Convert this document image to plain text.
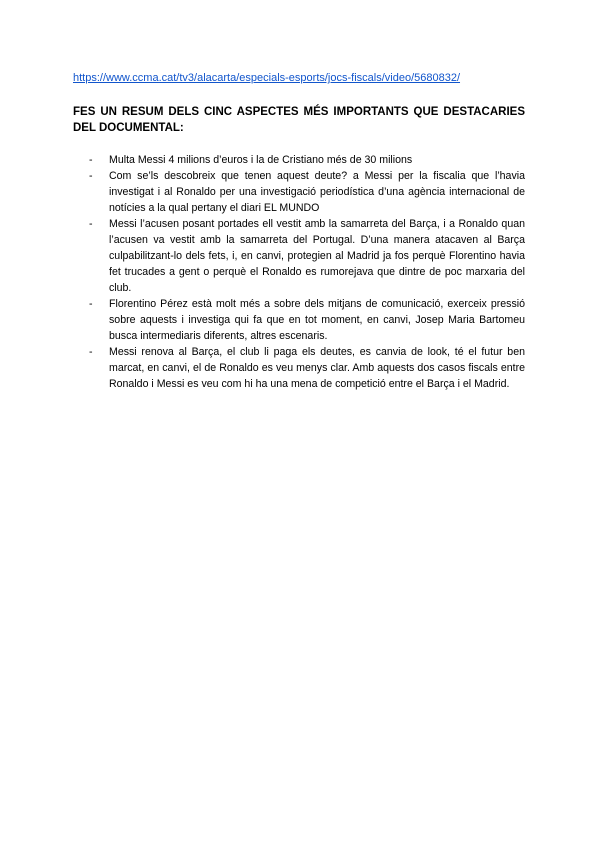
https://www.ccma.cat/tv3/alacarta/especials-esports/jocs-fiscals/video/5680832/

FES UN RESUM DELS CINC ASPECTES MÉS IMPORTANTS QUE DESTACARIES DEL DOCUMENTAL:

- Multa Messi 4 milions d’euros i la de Cristiano més de 30 milions
- Com se’ls descobreix que tenen aquest deute? a Messi per la fiscalia que l’havia investigat i al Ronaldo per una investigació periodística d’una agència internacional de notícies a la qual pertany el diari EL MUNDO
- Messi l’acusen posant portades ell vestit amb la samarreta del Barça, i a Ronaldo quan l’acusen va vestit amb la samarreta del Portugal. D’una manera atacaven al Barça culpabilitzant-lo dels fets, i, en canvi, protegien al Madrid ja fos perquè Florentino havia fet trucades a gent o perquè el Ronaldo es rumorejava que dintre de poc marxaria del club.
- Florentino Pérez està molt més a sobre dels mitjans de comunicació, exerceix pressió sobre aquests i investiga qui fa que en tot moment, en canvi, Josep Maria Bartomeu busca intermediaris diferents, altres escenaris.
- Messi renova al Barça, el club li paga els deutes, es canvia de look, té el futur ben marcat, en canvi, el de Ronaldo es veu menys clar. Amb aquests dos casos fiscals entre Ronaldo i Messi es veu com hi ha una mena de competició entre el Barça i el Madrid.
